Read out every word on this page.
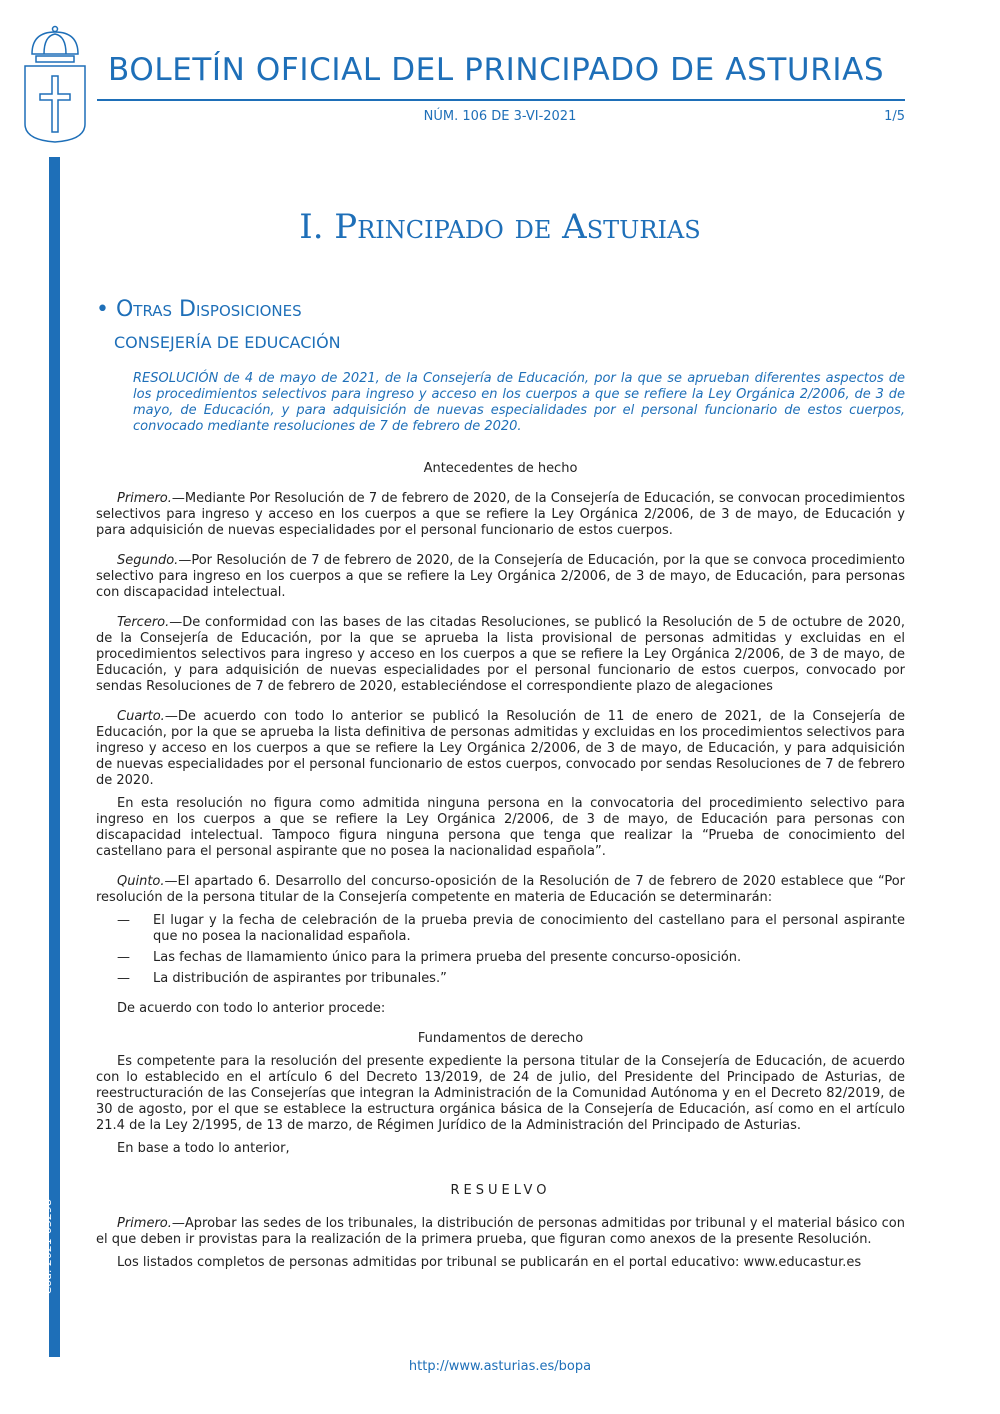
BOLETÍN OFICIAL DEL PRINCIPADO DE ASTURIAS
NÚM. 106 DE 3-VI-2021	1/5
Cód. 2021-05298
I. Principado de Asturias
• Otras Disposiciones
CONSEJERÍA DE EDUCACIÓN
RESOLUCIÓN de 4 de mayo de 2021, de la Consejería de Educación, por la que se aprueban diferentes aspectos de los procedimientos selectivos para ingreso y acceso en los cuerpos a que se refiere la Ley Orgánica 2/2006, de 3 de mayo, de Educación, y para adquisición de nuevas especialidades por el personal funcionario de estos cuerpos, convocado mediante resoluciones de 7 de febrero de 2020.
Antecedentes de hecho

Primero.—Mediante Por Resolución de 7 de febrero de 2020, de la Consejería de Educación, se convocan procedimientos selectivos para ingreso y acceso en los cuerpos a que se refiere la Ley Orgánica 2/2006, de 3 de mayo, de Educación y para adquisición de nuevas especialidades por el personal funcionario de estos cuerpos.

Segundo.—Por Resolución de 7 de febrero de 2020, de la Consejería de Educación, por la que se convoca procedimiento selectivo para ingreso en los cuerpos a que se refiere la Ley Orgánica 2/2006, de 3 de mayo, de Educación, para personas con discapacidad intelectual.

Tercero.—De conformidad con las bases de las citadas Resoluciones, se publicó la Resolución de 5 de octubre de 2020, de la Consejería de Educación, por la que se aprueba la lista provisional de personas admitidas y excluidas en el procedimientos selectivos para ingreso y acceso en los cuerpos a que se refiere la Ley Orgánica 2/2006, de 3 de mayo, de Educación, y para adquisición de nuevas especialidades por el personal funcionario de estos cuerpos, convocado por sendas Resoluciones de 7 de febrero de 2020, estableciéndose el correspondiente plazo de alegaciones

Cuarto.—De acuerdo con todo lo anterior se publicó la Resolución de 11 de enero de 2021, de la Consejería de Educación, por la que se aprueba la lista definitiva de personas admitidas y excluidas en los procedimientos selectivos para ingreso y acceso en los cuerpos a que se refiere la Ley Orgánica 2/2006, de 3 de mayo, de Educación, y para adquisición de nuevas especialidades por el personal funcionario de estos cuerpos, convocado por sendas Resoluciones de 7 de febrero de 2020.

En esta resolución no figura como admitida ninguna persona en la convocatoria del procedimiento selectivo para ingreso en los cuerpos a que se refiere la Ley Orgánica 2/2006, de 3 de mayo, de Educación para personas con discapacidad intelectual. Tampoco figura ninguna persona que tenga que realizar la “Prueba de conocimiento del castellano para el personal aspirante que no posea la nacionalidad española”.

Quinto.—El apartado 6. Desarrollo del concurso-oposición de la Resolución de 7 de febrero de 2020 establece que “Por resolución de la persona titular de la Consejería competente en materia de Educación se determinarán:

—	El lugar y la fecha de celebración de la prueba previa de conocimiento del castellano para el personal aspirante que no posea la nacionalidad española.
—	Las fechas de llamamiento único para la primera prueba del presente concurso-oposición.
—	La distribución de aspirantes por tribunales.”

De acuerdo con todo lo anterior procede:

Fundamentos de derecho

Es competente para la resolución del presente expediente la persona titular de la Consejería de Educación, de acuerdo con lo establecido en el artículo 6 del Decreto 13/2019, de 24 de julio, del Presidente del Principado de Asturias, de reestructuración de las Consejerías que integran la Administración de la Comunidad Autónoma y en el Decreto 82/2019, de 30 de agosto, por el que se establece la estructura orgánica básica de la Consejería de Educación, así como en el artículo 21.4 de la Ley 2/1995, de 13 de marzo, de Régimen Jurídico de la Administración del Principado de Asturias.

En base a todo lo anterior,

RESUELVO

Primero.—Aprobar las sedes de los tribunales, la distribución de personas admitidas por tribunal y el material básico con el que deben ir provistas para la realización de la primera prueba, que figuran como anexos de la presente Resolución.

Los listados completos de personas admitidas por tribunal se publicarán en el portal educativo: www.educastur.es

http://www.asturias.es/bopa
